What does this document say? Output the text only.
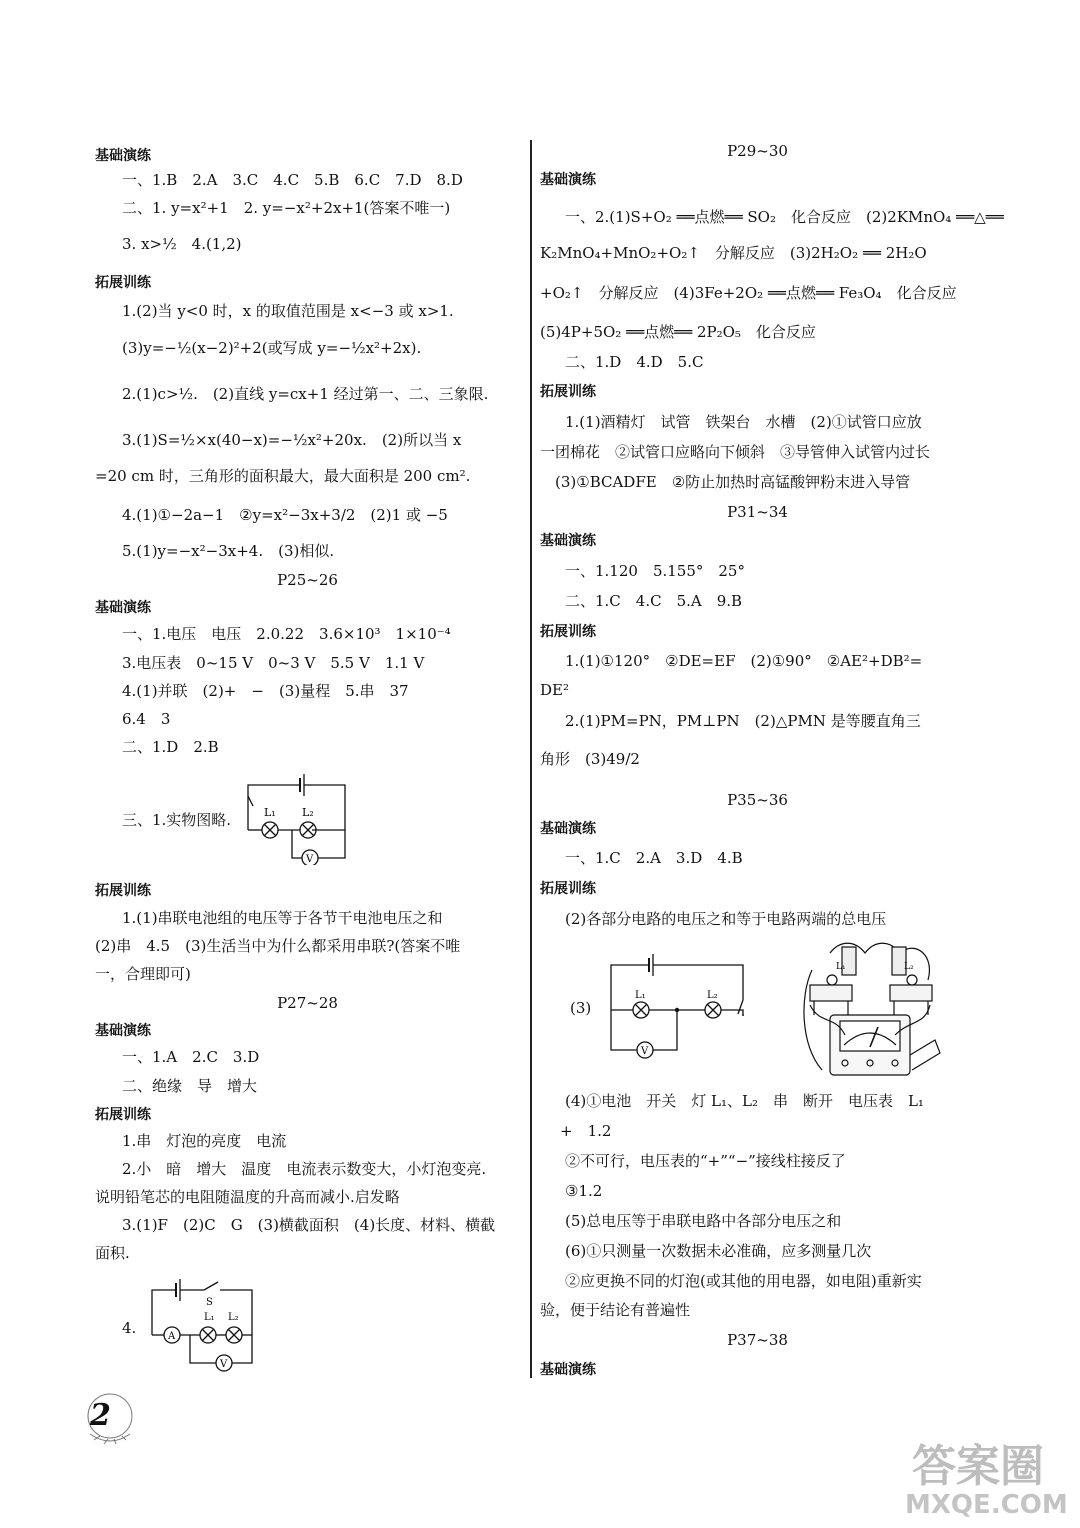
基础演练
一、1.B　2.A　3.C　4.C　5.B　6.C　7.D　8.D
二、1. y=x²+1　2. y=−x²+2x+1(答案不唯一)
3. x>½　4.(1,2)
拓展训练
1.(2)当 y<0 时，x 的取值范围是 x<−3 或 x>1.
(3)y=−½(x−2)²+2(或写成 y=−½x²+2x).
2.(1)c>½.　(2)直线 y=cx+1 经过第一、二、三象限.
3.(1)S=½×x(40−x)=−½x²+20x.　(2)所以当 x
=20 cm 时，三角形的面积最大，最大面积是 200 cm².
4.(1)①−2a−1　②y=x²−3x+3/2　(2)1 或 −5
5.(1)y=−x²−3x+4.　(3)相似.
P25~26
基础演练
一、1.电压　电压　2.0.22　3.6×10³　1×10⁻⁴
3.电压表　0~15 V　0~3 V　5.5 V　1.1 V
4.(1)并联　(2)+　−　(3)量程　5.串　37
6.4　3
二、1.D　2.B
三、1.实物图略.	L₁ L₂
V
拓展训练
1.(1)串联电池组的电压等于各节干电池电压之和
(2)串　4.5　(3)生活当中为什么都采用串联?(答案不唯
一，合理即可)
P27~28
基础演练
一、1.A　2.C　3.D
二、绝缘　导　增大
拓展训练
1.串　灯泡的亮度　电流
2.小　暗　增大　温度　电流表示数变大，小灯泡变亮.
说明铅笔芯的电阻随温度的升高而减小.启发略
3.(1)F　(2)C　G　(3)横截面积　(4)长度、材料、横截
面积.
4.	A
V
S
L₁ L₂
P29~30
基础演练
一、2.(1)S+O₂ ══点燃══ SO₂　化合反应　(2)2KMnO₄ ══△══
K₂MnO₄+MnO₂+O₂↑　分解反应　(3)2H₂O₂ ══ 2H₂O
+O₂↑　分解反应　(4)3Fe+2O₂ ══点燃══ Fe₃O₄　化合反应
(5)4P+5O₂ ══点燃══ 2P₂O₅　化合反应
二、1.D　4.D　5.C
拓展训练
1.(1)酒精灯　试管　铁架台　水槽　(2)①试管口应放
一团棉花　②试管口应略向下倾斜　③导管伸入试管内过长
(3)①BCADFE　②防止加热时高锰酸钾粉末进入导管
P31~34
基础演练
一、1.120　5.155°　25°
二、1.C　4.C　5.A　9.B
拓展训练
1.(1)①120°　②DE=EF　(2)①90°　②AE²+DB²=
DE²
2.(1)PM=PN，PM⊥PN　(2)△PMN 是等腰直角三
角形　(3)49/2
P35~36
基础演练
一、1.C　2.A　3.D　4.B
拓展训练
(2)各部分电路的电压之和等于电路两端的总电压
(3)
L₁	L₂
V
L₁	L₂
(4)①电池　开关　灯 L₁、L₂　串　断开　电压表　L₁
+　1.2
②不可行，电压表的“+”“−”接线柱接反了
③1.2
(5)总电压等于串联电路中各部分电压之和
(6)①只测量一次数据未必准确，应多测量几次
②应更换不同的灯泡(或其他的用电器，如电阻)重新实
验，便于结论有普遍性
P37~38
基础演练
2
答案圈
MXQE.COM
